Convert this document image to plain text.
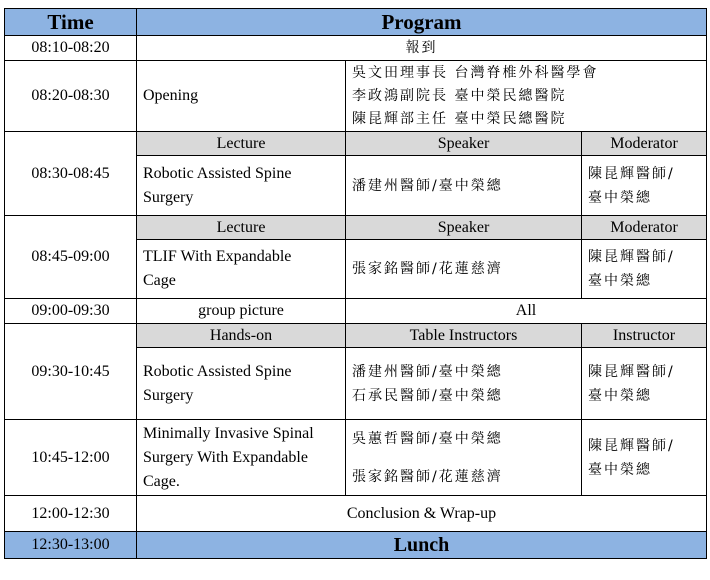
Time	Program		
08:10-08:20	報到		
08:20-08:30	Opening	吳文田理事長 台灣脊椎外科醫學會
李政鴻副院長 臺中榮民總醫院
陳昆輝部主任 臺中榮民總醫院	

08:30-08:45	Lecture	Speaker	Moderator

	Robotic Assisted Spine
Surgery	潘建州醫師/臺中榮總	陳昆輝醫師/
臺中榮總

08:45-09:00	Lecture	Speaker	Moderator

	TLIF With Expandable
Cage	張家銘醫師/花蓮慈濟	陳昆輝醫師/
臺中榮總

09:00-09:30	group picture	All	
09:30-10:45	Hands-on	Table Instructors	Instructor

	Robotic Assisted Spine
Surgery	潘建州醫師/臺中榮總
石承民醫師/臺中榮總	陳昆輝醫師/
臺中榮總

10:45-12:00	Minimally Invasive Spinal
Surgery With Expandable
Cage.	吳蕙哲醫師/臺中榮總
張家銘醫師/花蓮慈濟	陳昆輝醫師/
臺中榮總

12:00-12:30	Conclusion & Wrap-up		
12:30-13:00	Lunch		
